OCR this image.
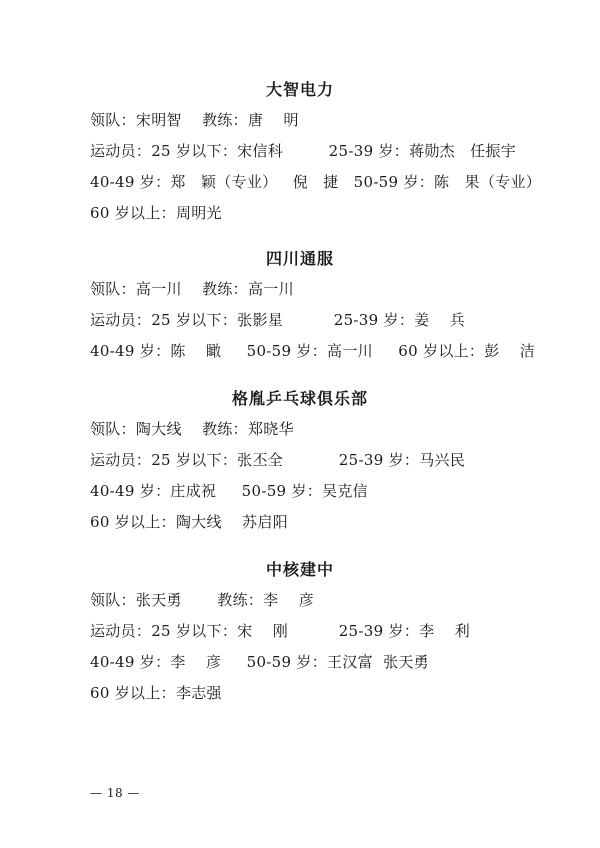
大智电力
领队：宋明智    教练：唐    明
运动员：25 岁以下：宋信科         25-39 岁：蒋勋杰   任振宇
40-49 岁：郑   颖（专业）   倪   捷   50-59 岁：陈   果（专业）
60 岁以上：周明光
四川通服
领队：高一川    教练：高一川
运动员：25 岁以下：张影星          25-39 岁：姜    兵
40-49 岁：陈    瞰     50-59 岁：高一川     60 岁以上：彭    洁
格胤乒乓球俱乐部
领队：陶大线    教练：郑晓华
运动员：25 岁以下：张丕全           25-39 岁：马兴民
40-49 岁：庄成祝     50-59 岁：吴克信
60 岁以上：陶大线    苏启阳
中核建中
领队：张天勇       教练：李    彦
运动员：25 岁以下：宋    刚          25-39 岁：李    利
40-49 岁：李    彦     50-59 岁：王汉富  张天勇
60 岁以上：李志强
— 18 —
